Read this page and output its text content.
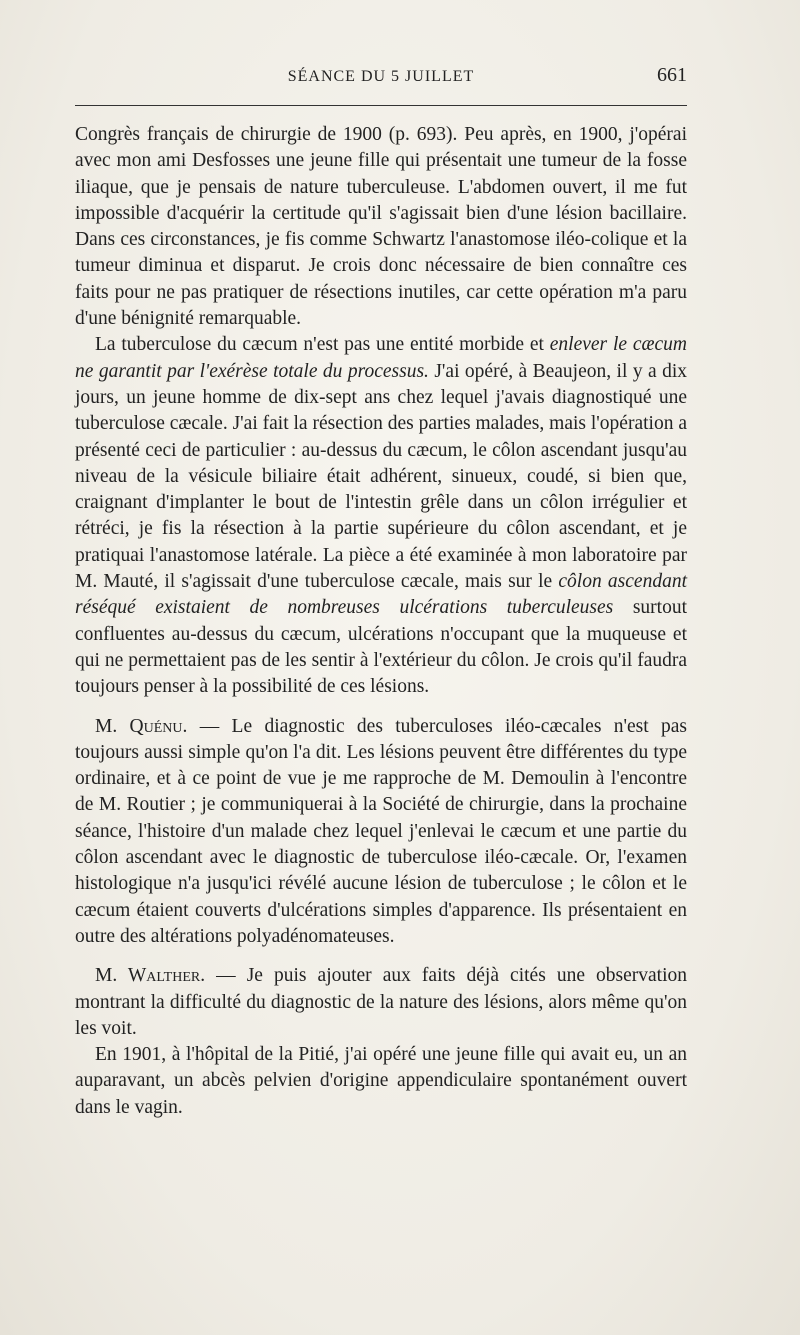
SÉANCE DU 5 JUILLET	661

Congrès français de chirurgie de 1900 (p. 693). Peu après, en 1900, j'opérai avec mon ami Desfosses une jeune fille qui présentait une tumeur de la fosse iliaque, que je pensais de nature tuberculeuse. L'abdomen ouvert, il me fut impossible d'acquérir la certitude qu'il s'agissait bien d'une lésion bacillaire. Dans ces circonstances, je fis comme Schwartz l'anastomose iléo-colique et la tumeur diminua et disparut. Je crois donc nécessaire de bien connaître ces faits pour ne pas pratiquer de résections inutiles, car cette opération m'a paru d'une bénignité remarquable.

La tuberculose du cæcum n'est pas une entité morbide et enlever le cæcum ne garantit par l'exérèse totale du processus. J'ai opéré, à Beaujeon, il y a dix jours, un jeune homme de dix-sept ans chez lequel j'avais diagnostiqué une tuberculose cæcale. J'ai fait la résection des parties malades, mais l'opération a présenté ceci de particulier : au-dessus du cæcum, le côlon ascendant jusqu'au niveau de la vésicule biliaire était adhérent, sinueux, coudé, si bien que, craignant d'implanter le bout de l'intestin grêle dans un côlon irrégulier et rétréci, je fis la résection à la partie supérieure du côlon ascendant, et je pratiquai l'anastomose latérale. La pièce a été examinée à mon laboratoire par M. Mauté, il s'agissait d'une tuberculose cæcale, mais sur le côlon ascendant réséqué existaient de nombreuses ulcérations tuberculeuses surtout confluentes au-dessus du cæcum, ulcérations n'occupant que la muqueuse et qui ne permettaient pas de les sentir à l'extérieur du côlon. Je crois qu'il faudra toujours penser à la possibilité de ces lésions.

M. Quénu. — Le diagnostic des tuberculoses iléo-cæcales n'est pas toujours aussi simple qu'on l'a dit. Les lésions peuvent être différentes du type ordinaire, et à ce point de vue je me rapproche de M. Demoulin à l'encontre de M. Routier ; je communiquerai à la Société de chirurgie, dans la prochaine séance, l'histoire d'un malade chez lequel j'enlevai le cæcum et une partie du côlon ascendant avec le diagnostic de tuberculose iléo-cæcale. Or, l'examen histologique n'a jusqu'ici révélé aucune lésion de tuberculose ; le côlon et le cæcum étaient couverts d'ulcérations simples d'apparence. Ils présentaient en outre des altérations polyadénomateuses.

M. Walther. — Je puis ajouter aux faits déjà cités une observation montrant la difficulté du diagnostic de la nature des lésions, alors même qu'on les voit.

En 1901, à l'hôpital de la Pitié, j'ai opéré une jeune fille qui avait eu, un an auparavant, un abcès pelvien d'origine appendiculaire spontanément ouvert dans le vagin.
